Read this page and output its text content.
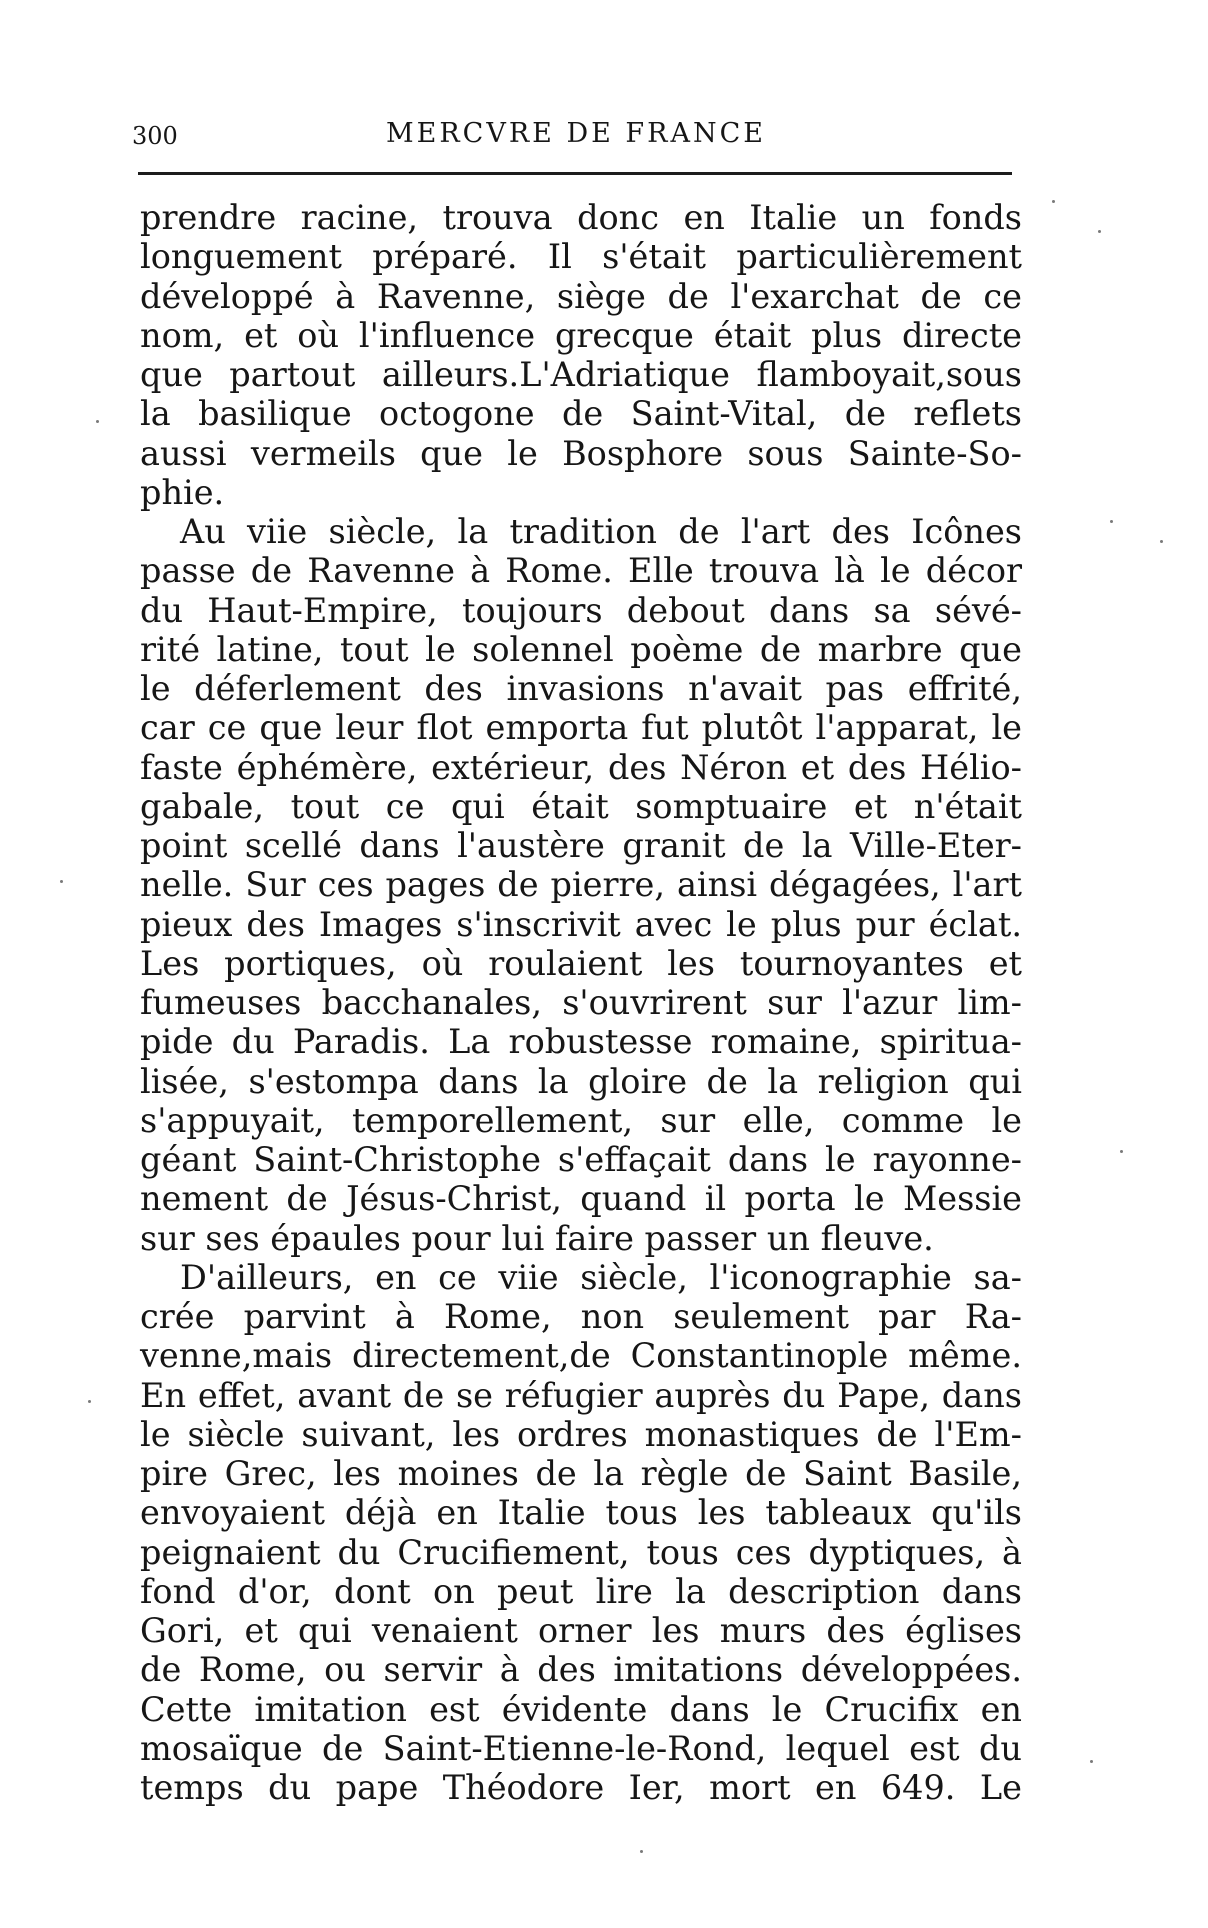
300	MERCVRE DE FRANCE
prendre racine, trouva donc en Italie un fonds
longuement préparé. Il s'était particulièrement
développé à Ravenne, siège de l'exarchat de ce
nom, et où l'influence grecque était plus directe
que partout ailleurs.L'Adriatique flamboyait,sous
la basilique octogone de Saint-Vital, de reflets
aussi vermeils que le Bosphore sous Sainte-So-
phie.
Au viie siècle, la tradition de l'art des Icônes
passe de Ravenne à Rome. Elle trouva là le décor
du Haut-Empire, toujours debout dans sa sévé-
rité latine, tout le solennel poème de marbre que
le déferlement des invasions n'avait pas effrité,
car ce que leur flot emporta fut plutôt l'apparat, le
faste éphémère, extérieur, des Néron et des Hélio-
gabale, tout ce qui était somptuaire et n'était
point scellé dans l'austère granit de la Ville-Eter-
nelle. Sur ces pages de pierre, ainsi dégagées, l'art
pieux des Images s'inscrivit avec le plus pur éclat.
Les portiques, où roulaient les tournoyantes et
fumeuses bacchanales, s'ouvrirent sur l'azur lim-
pide du Paradis. La robustesse romaine, spiritua-
lisée, s'estompa dans la gloire de la religion qui
s'appuyait, temporellement, sur elle, comme le
géant Saint-Christophe s'effaçait dans le rayonne-
nement de Jésus-Christ, quand il porta le Messie
sur ses épaules pour lui faire passer un fleuve.
D'ailleurs, en ce viie siècle, l'iconographie sa-
crée parvint à Rome, non seulement par Ra-
venne,mais directement,de Constantinople même.
En effet, avant de se réfugier auprès du Pape, dans
le siècle suivant, les ordres monastiques de l'Em-
pire Grec, les moines de la règle de Saint Basile,
envoyaient déjà en Italie tous les tableaux qu'ils
peignaient du Crucifiement, tous ces dyptiques, à
fond d'or, dont on peut lire la description dans
Gori, et qui venaient orner les murs des églises
de Rome, ou servir à des imitations développées.
Cette imitation est évidente dans le Crucifix en
mosaïque de Saint-Etienne-le-Rond, lequel est du
temps du pape Théodore Ier, mort en 649. Le
